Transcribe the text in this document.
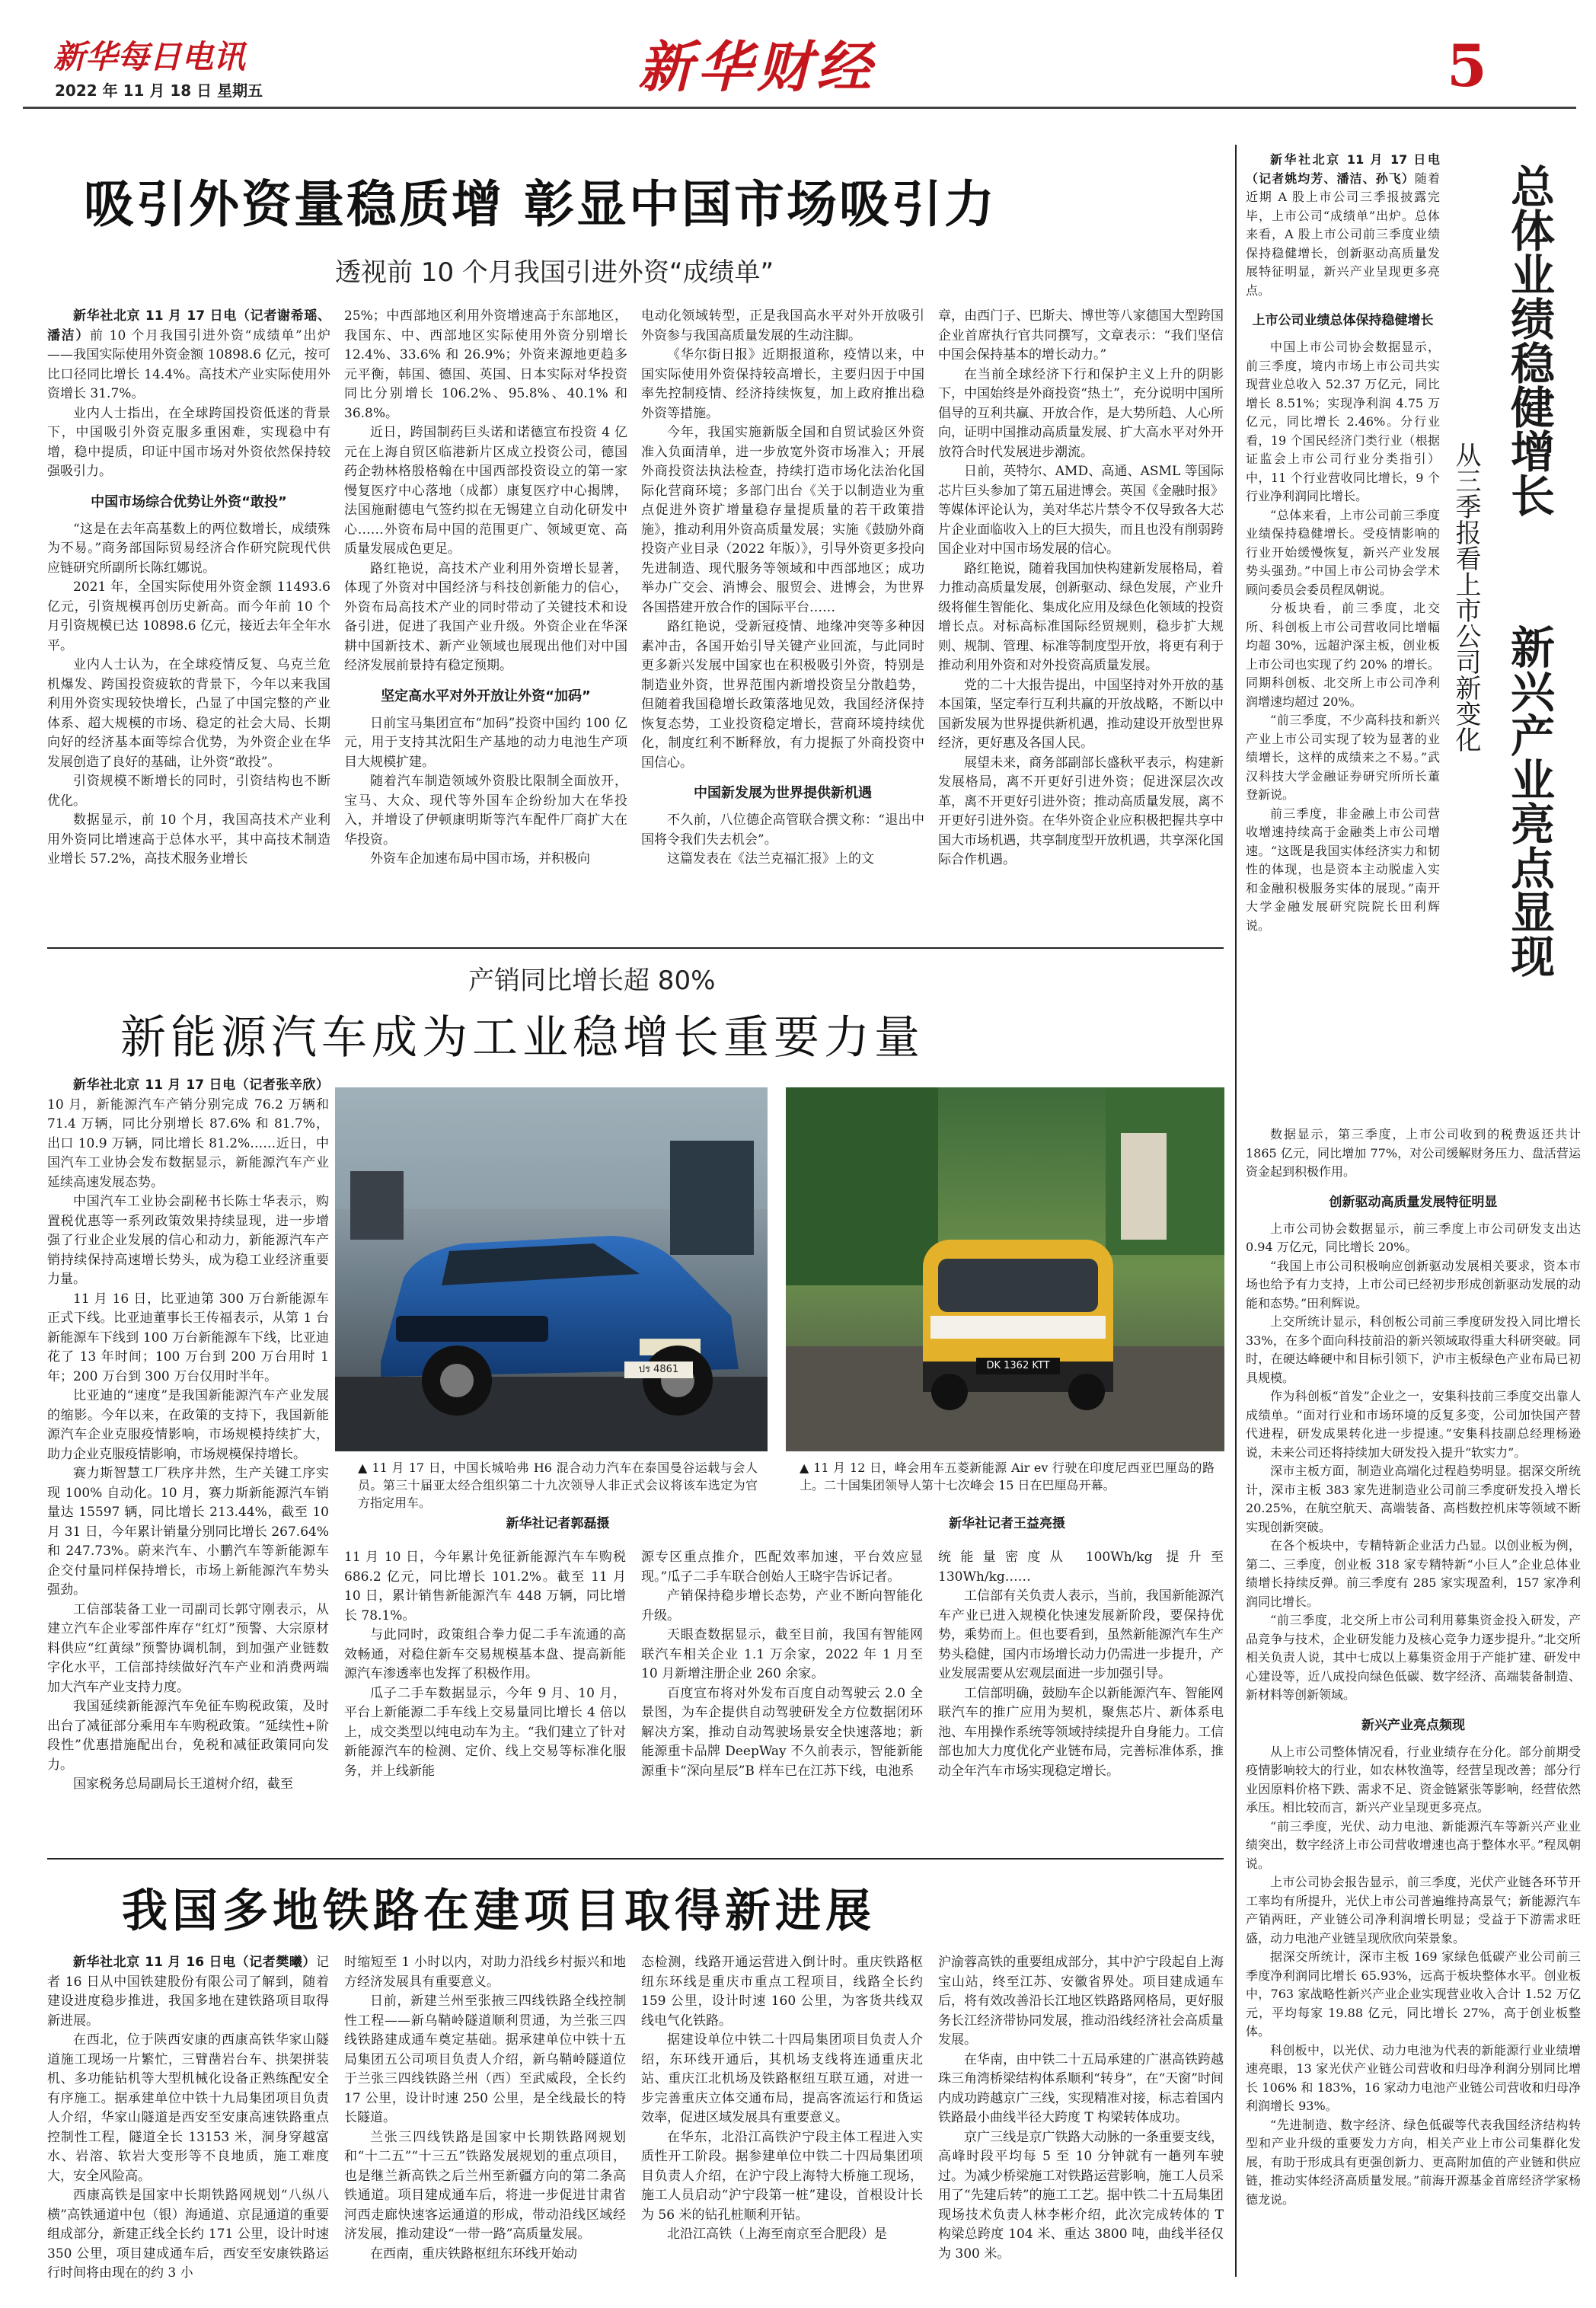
新华每日电讯
2022 年 11 月 18 日 星期五	新华财经	5
吸引外资量稳质增 彰显中国市场吸引力
透视前 10 个月我国引进外资“成绩单”

新华社北京 11 月 17 日电（记者谢希瑶、潘洁）前 10 个月我国引进外资“成绩单”出炉——我国实际使用外资金额 10898.6 亿元，按可比口径同比增长 14.4%。高技术产业实际使用外资增长 31.7%。

业内人士指出，在全球跨国投资低迷的背景下，中国吸引外资克服多重困难，实现稳中有增，稳中提质，印证中国市场对外资依然保持较强吸引力。

中国市场综合优势让外资“敢投”

“这是在去年高基数上的两位数增长，成绩殊为不易。”商务部国际贸易经济合作研究院现代供应链研究所副所长陈红娜说。

2021 年，全国实际使用外资金额 11493.6 亿元，引资规模再创历史新高。而今年前 10 个月引资规模已达 10898.6 亿元，接近去年全年水平。

业内人士认为，在全球疫情反复、乌克兰危机爆发、跨国投资疲软的背景下，今年以来我国利用外资实现较快增长，凸显了中国完整的产业体系、超大规模的市场、稳定的社会大局、长期向好的经济基本面等综合优势，为外资企业在华发展创造了良好的基础，让外资“敢投”。

引资规模不断增长的同时，引资结构也不断优化。

数据显示，前 10 个月，我国高技术产业利用外资同比增速高于总体水平，其中高技术制造业增长 57.2%，高技术服务业增长

25%；中西部地区利用外资增速高于东部地区，我国东、中、西部地区实际使用外资分别增长 12.4%、33.6% 和 26.9%；外资来源地更趋多元平衡，韩国、德国、英国、日本实际对华投资同比分别增长 106.2%、95.8%、40.1% 和 36.8%。

近日，跨国制药巨头诺和诺德宣布投资 4 亿元在上海自贸区临港新片区成立投资公司，德国药企勃林格殷格翰在中国西部投资设立的第一家慢复医疗中心落地（成都）康复医疗中心揭牌，法国施耐德电气签约拟在无锡建立自动化研发中心……外资布局中国的范围更广、领域更宽、高质量发展成色更足。

路红艳说，高技术产业利用外资增长显著，体现了外资对中国经济与科技创新能力的信心，外资布局高技术产业的同时带动了关键技术和设备引进，促进了我国产业升级。外资企业在华深耕中国新技术、新产业领域也展现出他们对中国经济发展前景持有稳定预期。

坚定高水平对外开放让外资“加码”

日前宝马集团宣布“加码”投资中国约 100 亿元，用于支持其沈阳生产基地的动力电池生产项目大规模扩建。

随着汽车制造领域外资股比限制全面放开，宝马、大众、现代等外国车企纷纷加大在华投入，并增设了伊顿康明斯等汽车配件厂商扩大在华投资。

外资车企加速布局中国市场，并积极向

电动化领域转型，正是我国高水平对外开放吸引外资参与我国高质量发展的生动注脚。

《华尔街日报》近期报道称，疫情以来，中国实际使用外资保持较高增长，主要归因于中国率先控制疫情、经济持续恢复，加上政府推出稳外资等措施。

今年，我国实施新版全国和自贸试验区外资准入负面清单，进一步放宽外资市场准入；开展外商投资法执法检查，持续打造市场化法治化国际化营商环境；多部门出台《关于以制造业为重点促进外资扩增量稳存量提质量的若干政策措施》，推动利用外资高质量发展；实施《鼓励外商投资产业目录（2022 年版）》，引导外资更多投向先进制造、现代服务等领域和中西部地区；成功举办广交会、消博会、服贸会、进博会，为世界各国搭建开放合作的国际平台……

路红艳说，受新冠疫情、地缘冲突等多种因素冲击，各国开始引导关键产业回流，与此同时更多新兴发展中国家也在积极吸引外资，特别是制造业外资，世界范围内新增投资呈分散趋势，但随着我国稳增长政策落地见效，我国经济保持恢复态势，工业投资稳定增长，营商环境持续优化，制度红利不断释放，有力提振了外商投资中国信心。

中国新发展为世界提供新机遇

不久前，八位德企高管联合撰文称：“退出中国将令我们失去机会”。

这篇发表在《法兰克福汇报》上的文

章，由西门子、巴斯夫、博世等八家德国大型跨国企业首席执行官共同撰写，文章表示：“我们坚信中国会保持基本的增长动力。”

在当前全球经济下行和保护主义上升的阴影下，中国始终是外商投资“热土”，充分说明中国所倡导的互利共赢、开放合作，是大势所趋、人心所向，证明中国推动高质量发展、扩大高水平对外开放符合时代发展进步潮流。

日前，英特尔、AMD、高通、ASML 等国际芯片巨头参加了第五届进博会。英国《金融时报》等媒体评论认为，美对华芯片禁令不仅导致各大芯片企业面临收入上的巨大损失，而且也没有削弱跨国企业对中国市场发展的信心。

路红艳说，随着我国加快构建新发展格局，着力推动高质量发展，创新驱动、绿色发展，产业升级将催生智能化、集成化应用及绿色化领域的投资增长点。对标高标准国际经贸规则，稳步扩大规则、规制、管理、标准等制度型开放，将更有利于推动利用外资和对外投资高质量发展。

党的二十大报告提出，中国坚持对外开放的基本国策，坚定奉行互利共赢的开放战略，不断以中国新发展为世界提供新机遇，推动建设开放型世界经济，更好惠及各国人民。

展望未来，商务部副部长盛秋平表示，构建新发展格局，离不开更好引进外资；促进深层次改革，离不开更好引进外资；推动高质量发展，离不开更好引进外资。在华外资企业应积极把握共享中国大市场机遇，共享制度型开放机遇，共享深化国际合作机遇。

总体业绩稳健增长
新兴产业亮点显现
从三季报看上市公司新变化

新华社北京 11 月 17 日电（记者姚均芳、潘洁、孙飞）随着近期 A 股上市公司三季报披露完毕，上市公司“成绩单”出炉。总体来看，A 股上市公司前三季度业绩保持稳健增长，创新驱动高质量发展特征明显，新兴产业呈现更多亮点。

上市公司业绩总体保持稳健增长

中国上市公司协会数据显示，前三季度，境内市场上市公司共实现营业总收入 52.37 万亿元，同比增长 8.51%；实现净利润 4.75 万亿元，同比增长 2.46%。分行业看，19 个国民经济门类行业（根据证监会上市公司行业分类指引）中，11 个行业营收同比增长，9 个行业净利润同比增长。

“总体来看，上市公司前三季度业绩保持稳健增长。受疫情影响的行业开始缓慢恢复，新兴产业发展势头强劲。”中国上市公司协会学术顾问委员会委员程凤朝说。

分板块看，前三季度，北交所、科创板上市公司营收同比增幅均超 30%，远超沪深主板，创业板上市公司也实现了约 20% 的增长。同期科创板、北交所上市公司净利润增速均超过 20%。

“前三季度，不少高科技和新兴产业上市公司实现了较为显著的业绩增长，这样的成绩来之不易。”武汉科技大学金融证券研究所所长董登新说。

前三季度，非金融上市公司营收增速持续高于金融类上市公司增速。“这既是我国实体经济实力和韧性的体现，也是资本主动脱虚入实和金融积极服务实体的展现。”南开大学金融发展研究院院长田利辉说。

数据显示，第三季度，上市公司收到的税费返还共计 1865 亿元，同比增加 77%，对公司缓解财务压力、盘活营运资金起到积极作用。

创新驱动高质量发展特征明显

上市公司协会数据显示，前三季度上市公司研发支出达 0.94 万亿元，同比增长 20%。

“我国上市公司积极响应创新驱动发展相关要求，资本市场也给予有力支持，上市公司已经初步形成创新驱动发展的动能和态势。”田利辉说。

上交所统计显示，科创板公司前三季度研发投入同比增长 33%，在多个面向科技前沿的新兴领域取得重大科研突破。同时，在硬达峰硬中和目标引领下，沪市主板绿色产业布局已初具规模。

作为科创板“首发”企业之一，安集科技前三季度交出靠人成绩单。“面对行业和市场环境的反复多变，公司加快国产替代进程，研发成果转化进一步提速。”安集科技副总经理杨逊说，未来公司还将持续加大研发投入提升“软实力”。

深市主板方面，制造业高端化过程趋势明显。据深交所统计，深市主板 383 家先进制造业公司前三季度研发投入增长 20.25%，在航空航天、高端装备、高档数控机床等领域不断实现创新突破。

在各个板块中，专精特新企业活力凸显。以创业板为例，第二、三季度，创业板 318 家专精特新“小巨人”企业总体业绩增长持续反弹。前三季度有 285 家实现盈利，157 家净利润同比增长。

“前三季度，北交所上市公司利用募集资金投入研发，产品竞争与技术，企业研发能力及核心竞争力逐步提升。”北交所相关负责人说，其中七成以上募集资金用于产能扩建、研发中心建设等，近八成投向绿色低碳、数字经济、高端装备制造、新材料等创新领域。

新兴产业亮点频现

从上市公司整体情况看，行业业绩存在分化。部分前期受疫情影响较大的行业，如农林牧渔等，经营呈现改善；部分行业因原料价格下跌、需求不足、资金链紧张等影响，经营依然承压。相比较而言，新兴产业呈现更多亮点。

“前三季度，光伏、动力电池、新能源汽车等新兴产业业绩突出，数字经济上市公司营收增速也高于整体水平。”程凤朝说。

上市公司协会报告显示，前三季度，光伏产业链各环节开工率均有所提升，光伏上市公司普遍维持高景气；新能源汽车产销两旺，产业链公司净利润增长明显；受益于下游需求旺盛，动力电池产业链呈现欣欣向荣景象。

据深交所统计，深市主板 169 家绿色低碳产业公司前三季度净利润同比增长 65.93%，远高于板块整体水平。创业板中，763 家战略性新兴产业企业实现营业收入合计 1.52 万亿元，平均每家 19.88 亿元，同比增长 27%，高于创业板整体。

科创板中，以光伏、动力电池为代表的新能源行业业绩增速亮眼，13 家光伏产业链公司营收和归母净利润分别同比增长 106% 和 183%，16 家动力电池产业链公司营收和归母净利润增长 93%。

“先进制造、数字经济、绿色低碳等代表我国经济结构转型和产业升级的重要发力方向，相关产业上市公司集群化发展，有助于形成具有更强创新力、更高附加值的产业链和供应链，推动实体经济高质量发展。”前海开源基金首席经济学家杨德龙说。

产销同比增长超 80%
新能源汽车成为工业稳增长重要力量

新华社北京 11 月 17 日电（记者张辛欣）10 月，新能源汽车产销分别完成 76.2 万辆和 71.4 万辆，同比分别增长 87.6% 和 81.7%，出口 10.9 万辆，同比增长 81.2%……近日，中国汽车工业协会发布数据显示，新能源汽车产业延续高速发展态势。

中国汽车工业协会副秘书长陈士华表示，购置税优惠等一系列政策效果持续显现，进一步增强了行业企业发展的信心和动力，新能源汽车产销持续保持高速增长势头，成为稳工业经济重要力量。

11 月 16 日，比亚迪第 300 万台新能源车正式下线。比亚迪董事长王传福表示，从第 1 台新能源车下线到 100 万台新能源车下线，比亚迪花了 13 年时间；100 万台到 200 万台用时 1 年；200 万台到 300 万台仅用时半年。

比亚迪的“速度”是我国新能源汽车产业发展的缩影。今年以来，在政策的支持下，我国新能源汽车企业克服疫情影响，市场规模持续扩大，助力企业克服疫情影响，市场规模保持增长。

赛力斯智慧工厂秩序井然，生产关键工序实现 100% 自动化。10 月，赛力斯新能源汽车销量达 15597 辆，同比增长 213.44%，截至 10 月 31 日，今年累计销量分别同比增长 267.64% 和 247.73%。蔚来汽车、小鹏汽车等新能源车企交付量同样保持增长，市场上新能源汽车势头强劲。

工信部装备工业一司副司长郭守刚表示，从建立汽车企业零部件库存“红灯”预警、大宗原材料供应“红黄绿”预警协调机制，到加强产业链数字化水平，工信部持续做好汽车产业和消费两端加大汽车产业支持力度。

我国延续新能源汽车免征车购税政策，及时出台了减征部分乘用车车购税政策。“延续性+阶段性”优惠措施配出台，免税和减征政策同向发力。

国家税务总局副局长王道树介绍，截至

ปร 4861	DK 1362 KTT
▲ 11 月 17 日，中国长城哈弗 H6 混合动力汽车在泰国曼谷运载与会人员。第三十届亚太经合组织第二十九次领导人非正式会议将该车选定为官方指定用车。
新华社记者郭磊摄
▲ 11 月 12 日，峰会用车五菱新能源 Air ev 行驶在印度尼西亚巴厘岛的路上。二十国集团领导人第十七次峰会 15 日在巴厘岛开幕。
新华社记者王益亮摄

11 月 10 日，今年累计免征新能源汽车车购税 686.2 亿元，同比增长 101.2%。截至 11 月 10 日，累计销售新能源汽车 448 万辆，同比增长 78.1%。

与此同时，政策组合拳力促二手车流通的高效畅通，对稳住新车交易规模基本盘、提高新能源汽车渗透率也发挥了积极作用。

瓜子二手车数据显示，今年 9 月、10 月，平台上新能源二手车线上交易量同比增长 4 倍以上，成交类型以纯电动车为主。“我们建立了针对新能源汽车的检测、定价、线上交易等标准化服务，并上线新能

源专区重点推介，匹配效率加速，平台效应显现。”瓜子二手车联合创始人王晓宇告诉记者。

产销保持稳步增长态势，产业不断向智能化升级。

天眼查数据显示，截至目前，我国有智能网联汽车相关企业 1.1 万余家，2022 年 1 月至 10 月新增注册企业 260 余家。

百度宣布将对外发布百度自动驾驶云 2.0 全景图，为车企提供自动驾驶研发全方位数据闭环解决方案，推动自动驾驶场景安全快速落地；新能源重卡品牌 DeepWay 不久前表示，智能新能源重卡“深向星辰”B 样车已在江苏下线，电池系

统能量密度从 100Wh/kg 提升至 130Wh/kg……

工信部有关负责人表示，当前，我国新能源汽车产业已进入规模化快速发展新阶段，要保持优势，乘势而上。但也要看到，虽然新能源汽车生产势头稳健，国内市场增长动力仍需进一步提升，产业发展需要从宏观层面进一步加强引导。

工信部明确，鼓励车企以新能源汽车、智能网联汽车的推广应用为契机，聚焦芯片、新体系电池、车用操作系统等领域持续提升自身能力。工信部也加大力度优化产业链布局，完善标准体系，推动全年汽车市场实现稳定增长。

我国多地铁路在建项目取得新进展

新华社北京 11 月 16 日电（记者樊曦）记者 16 日从中国铁建股份有限公司了解到，随着建设进度稳步推进，我国多地在建铁路项目取得新进展。

在西北，位于陕西安康的西康高铁华家山隧道施工现场一片繁忙，三臂凿岩台车、拱架拼装机、多功能钻机等大型机械化设备正熟练配安全有序施工。据承建单位中铁十九局集团项目负责人介绍，华家山隧道是西安至安康高速铁路重点控制性工程，隧道全长 13153 米，洞身穿越富水、岩溶、软岩大变形等不良地质，施工难度大，安全风险高。

西康高铁是国家中长期铁路网规划“八纵八横”高铁通道中包（银）海通道、京昆通道的重要组成部分，新建正线全长约 171 公里，设计时速 350 公里，项目建成通车后，西安至安康铁路运行时间将由现在的约 3 小

时缩短至 1 小时以内，对助力沿线乡村振兴和地方经济发展具有重要意义。

日前，新建兰州至张掖三四线铁路全线控制性工程——新乌鞘岭隧道顺利贯通，为兰张三四线铁路建成通车奠定基础。据承建单位中铁十五局集团五公司项目负责人介绍，新乌鞘岭隧道位于兰张三四线铁路兰州（西）至武威段，全长约 17 公里，设计时速 250 公里，是全线最长的特长隧道。

兰张三四线铁路是国家中长期铁路网规划和“十二五”“十三五”铁路发展规划的重点项目，也是继兰新高铁之后兰州至新疆方向的第二条高铁通道。项目建成通车后，将进一步促进甘肃省河西走廊快速客运通道的形成，带动沿线区域经济发展，推动建设“一带一路”高质量发展。

在西南，重庆铁路枢纽东环线开始动

态检测，线路开通运营进入倒计时。重庆铁路枢纽东环线是重庆市重点工程项目，线路全长约 159 公里，设计时速 160 公里，为客货共线双线电气化铁路。

据建设单位中铁二十四局集团项目负责人介绍，东环线开通后，其机场支线将连通重庆北站、重庆江北机场及铁路枢纽互联互通，对进一步完善重庆立体交通布局，提高客流运行和货运效率，促进区域发展具有重要意义。

在华东，北沿江高铁沪宁段主体工程进入实质性开工阶段。据参建单位中铁二十四局集团项目负责人介绍，在沪宁段上海特大桥施工现场，施工人员启动“沪宁段第一桩”建设，首根设计长为 56 米的钻孔桩顺利开钻。

北沿江高铁（上海至南京至合肥段）是

沪渝蓉高铁的重要组成部分，其中沪宁段起自上海宝山站，终至江苏、安徽省界处。项目建成通车后，将有效改善沿长江地区铁路路网格局，更好服务长江经济带协同发展，推动沿线经济社会高质量发展。

在华南，由中铁二十五局承建的广湛高铁跨越珠三角湾桥梁结构体系顺利“转身”，在“天窗”时间内成功跨越京广三线，实现精准对接，标志着国内铁路最小曲线半径大跨度 T 构梁转体成功。

京广三线是京广铁路大动脉的一条重要支线，高峰时段平均每 5 至 10 分钟就有一趟列车驶过。为减少桥梁施工对铁路运营影响，施工人员采用了“先建后转”的施工工艺。据中铁二十五局集团现场技术负责人林李彬介绍，此次完成转体的 T 构梁总跨度 104 米、重达 3800 吨，曲线半径仅为 300 米。
